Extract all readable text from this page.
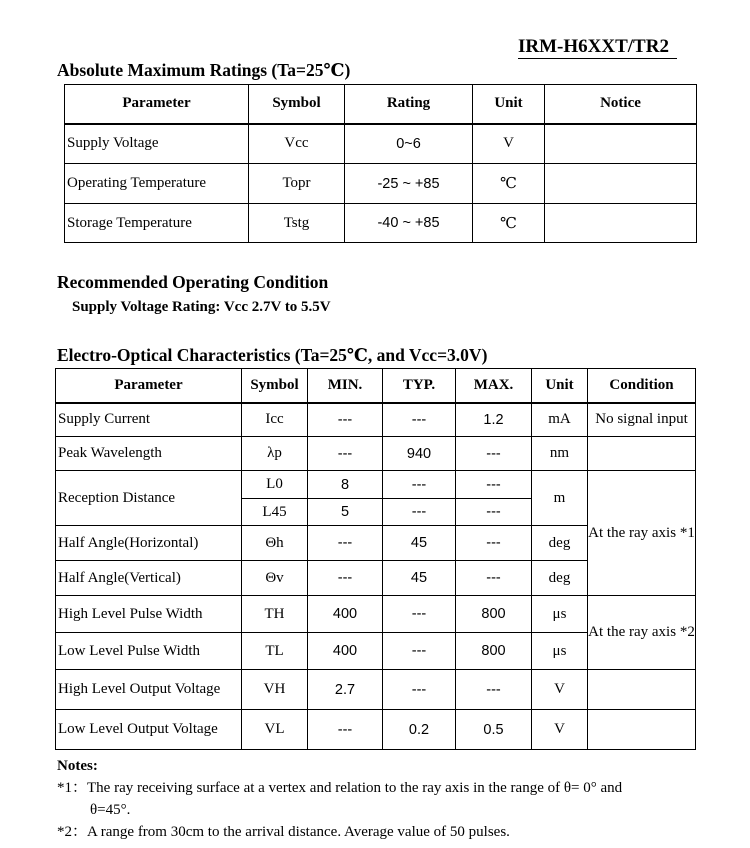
IRM-H6XXT/TR2
Absolute Maximum Ratings (Ta=25℃)
Parameter	Symbol	Rating	Unit	Notice
Supply Voltage	Vcc	0~6	V	
Operating Temperature	Topr	-25 ~ +85	℃	
Storage Temperature	Tstg	-40 ~ +85	℃	
Recommended Operating Condition
Supply Voltage Rating: Vcc 2.7V to 5.5V
Electro-Optical Characteristics (Ta=25℃, and Vcc=3.0V)
Parameter	Symbol	MIN.	TYP.	MAX.	Unit	Condition
Supply Current	Icc	---	---	1.2	mA	No signal input
Peak Wavelength	λp	---	940	---	nm	
Reception Distance	L0	8	---	---	m	At the ray axis *1
	L45	5	---	---		
Half Angle(Horizontal)	Θh	---	45	---	deg	
Half Angle(Vertical)	Θv	---	45	---	deg	
High Level Pulse Width	TH	400	---	800	μs	At the ray axis *2
Low Level Pulse Width	TL	400	---	800	μs	
High Level Output Voltage	VH	2.7	---	---	V	
Low Level Output Voltage	VL	---	0.2	0.5	V	
Notes:
*1：The ray receiving surface at a vertex and relation to the ray axis in the range of θ= 0° and
θ=45°.
*2：A range from 30cm to the arrival distance. Average value of 50 pulses.
